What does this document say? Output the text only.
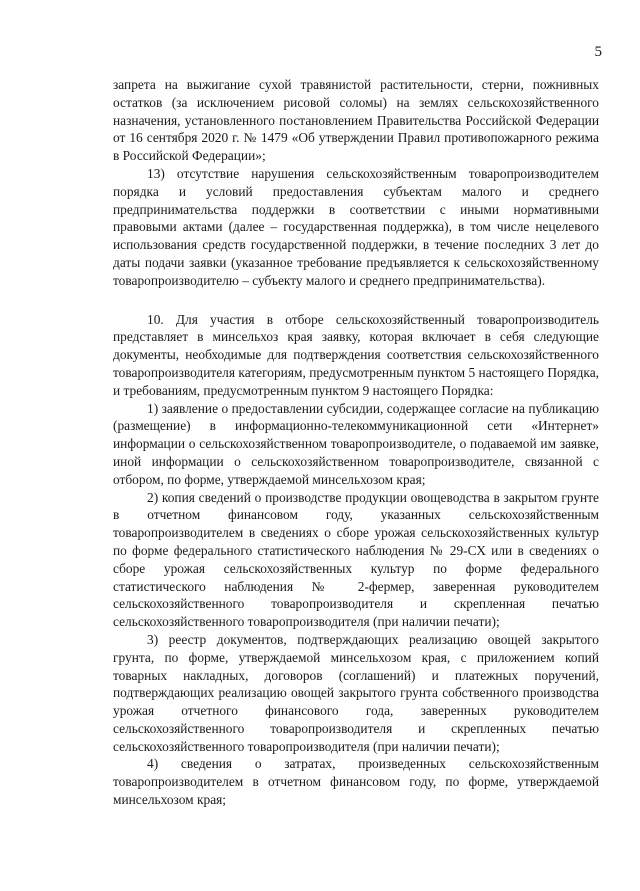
5

запрета на выжигание сухой травянистой растительности, стерни, пожнивных остатков (за исключением рисовой соломы) на землях сельскохозяйственного назначения, установленного постановлением Правительства Российской Федерации от 16 сентября 2020 г. № 1479 «Об утверждении Правил противопожарного режима в Российской Федерации»;

13) отсутствие нарушения сельскохозяйственным товаропроизводителем порядка и условий предоставления субъектам малого и среднего предпринимательства поддержки в соответствии с иными нормативными правовыми актами (далее – государственная поддержка), в том числе нецелевого использования средств государственной поддержки, в течение последних 3 лет до даты подачи заявки (указанное требование предъявляется к сельскохозяйственному товаропроизводителю – субъекту малого и среднего предпринимательства).

10. Для участия в отборе сельскохозяйственный товаропроизводитель представляет в минсельхоз края заявку, которая включает в себя следующие документы, необходимые для подтверждения соответствия сельскохозяйственного товаропроизводителя категориям, предусмотренным пунктом 5 настоящего Порядка, и требованиям, предусмотренным пунктом 9 настоящего Порядка:

1) заявление о предоставлении субсидии, содержащее согласие на публикацию (размещение) в информационно-телекоммуникационной сети «Интернет» информации о сельскохозяйственном товаропроизводителе, о подаваемой им заявке, иной информации о сельскохозяйственном товаропроизводителе, связанной с отбором, по форме, утверждаемой минсельхозом края;

2) копия сведений о производстве продукции овощеводства в закрытом грунте в отчетном финансовом году, указанных сельскохозяйственным товаропроизводителем в сведениях о сборе урожая сельскохозяйственных культур по форме федерального статистического наблюдения № 29-СХ или в сведениях о сборе урожая сельскохозяйственных культур по форме федерального статистического наблюдения № 2-фермер, заверенная руководителем сельскохозяйственного товаропроизводителя и скрепленная печатью сельскохозяйственного товаропроизводителя (при наличии печати);

3) реестр документов, подтверждающих реализацию овощей закрытого грунта, по форме, утверждаемой минсельхозом края, с приложением копий товарных накладных, договоров (соглашений) и платежных поручений, подтверждающих реализацию овощей закрытого грунта собственного производства урожая отчетного финансового года, заверенных руководителем сельскохозяйственного товаропроизводителя и скрепленных печатью сельскохозяйственного товаропроизводителя (при наличии печати);

4) сведения о затратах, произведенных сельскохозяйственным товаропроизводителем в отчетном финансовом году, по форме, утверждаемой минсельхозом края;
